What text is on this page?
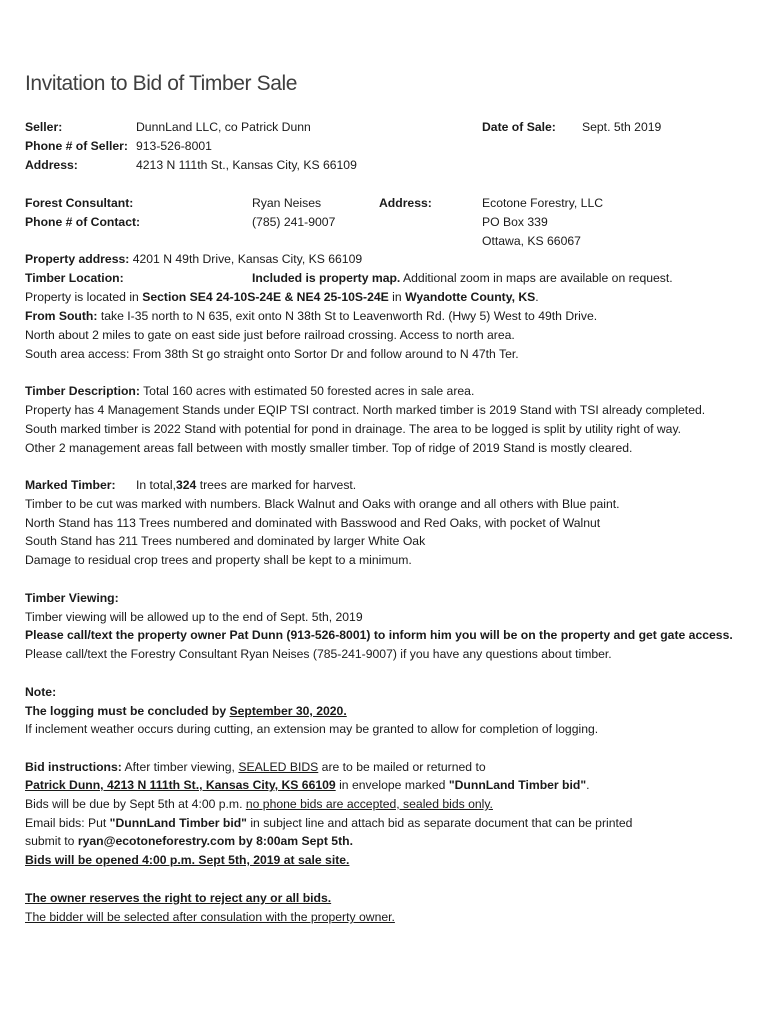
Invitation to Bid of Timber Sale
Seller:	DunnLand LLC, co Patrick Dunn	Date of Sale: Sept. 5th 2019
Phone # of Seller: 913-526-8001
Address:	4213 N 111th St., Kansas City, KS 66109
Forest Consultant:	Ryan Neises	Address:	Ecotone Forestry, LLC
Phone # of Contact:	(785) 241-9007	PO Box 339
Ottawa, KS 66067
Property address: 4201 N 49th Drive, Kansas City, KS 66109
Timber Location:	Included is property map. Additional zoom in maps are available on request.
Property is located in Section SE4 24-10S-24E & NE4 25-10S-24E in Wyandotte County, KS.
From South: take I-35 north to N 635, exit onto N 38th St to Leavenworth Rd. (Hwy 5) West to 49th Drive.
North about 2 miles to gate on east side just before railroad crossing. Access to north area.
South area access: From 38th St go straight onto Sortor Dr and follow around to N 47th Ter.
Timber Description: Total 160 acres with estimated 50 forested acres in sale area.
Property has 4 Management Stands under EQIP TSI contract. North marked timber is 2019 Stand with TSI already completed.
South marked timber is 2022 Stand with potential for pond in drainage. The area to be logged is split by utility right of way.
Other 2 management areas fall between with mostly smaller timber. Top of ridge of 2019 Stand is mostly cleared.
Marked Timber: In total,324 trees are marked for harvest.
Timber to be cut was marked with numbers. Black Walnut and Oaks with orange and all others with Blue paint.
North Stand has 113 Trees numbered and dominated with Basswood and Red Oaks, with pocket of Walnut
South Stand has 211 Trees numbered and dominated by larger White Oak
Damage to residual crop trees and property shall be kept to a minimum.
Timber Viewing:
Timber viewing will be allowed up to the end of Sept. 5th, 2019
Please call/text the property owner Pat Dunn (913-526-8001) to inform him you will be on the property and get gate access.
Please call/text the Forestry Consultant Ryan Neises (785-241-9007) if you have any questions about timber.
Note:
The logging must be concluded by September 30, 2020.
If inclement weather occurs during cutting, an extension may be granted to allow for completion of logging.
Bid instructions: After timber viewing, SEALED BIDS are to be mailed or returned to
Patrick Dunn, 4213 N 111th St., Kansas City, KS 66109 in envelope marked "DunnLand Timber bid".
Bids will be due by Sept 5th at 4:00 p.m. no phone bids are accepted, sealed bids only.
Email bids: Put "DunnLand Timber bid" in subject line and attach bid as separate document that can be printed
submit to ryan@ecotoneforestry.com by 8:00am Sept 5th.
Bids will be opened 4:00 p.m. Sept 5th, 2019 at sale site.
The owner reserves the right to reject any or all bids.
The bidder will be selected after consulation with the property owner.
